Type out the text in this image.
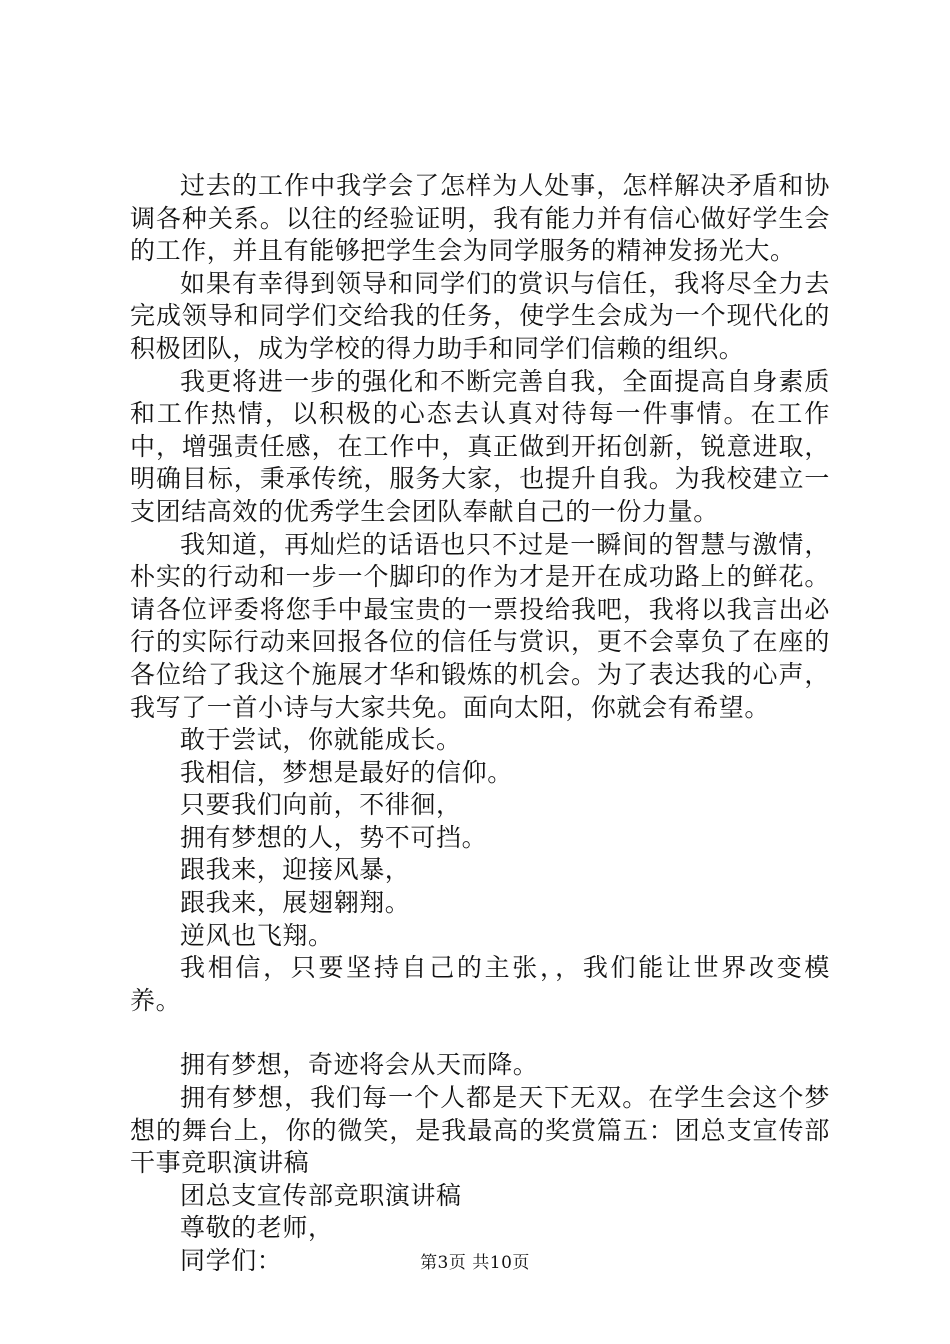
过去的工作中我学会了怎样为人处事，怎样解决矛盾和协调各种关系。以往的经验证明，我有能力并有信心做好学生会的工作，并且有能够把学生会为同学服务的精神发扬光大。

如果有幸得到领导和同学们的赏识与信任，我将尽全力去完成领导和同学们交给我的任务，使学生会成为一个现代化的积极团队，成为学校的得力助手和同学们信赖的组织。

我更将进一步的强化和不断完善自我，全面提高自身素质和工作热情，以积极的心态去认真对待每一件事情。在工作中，增强责任感，在工作中，真正做到开拓创新，锐意进取，明确目标，秉承传统，服务大家，也提升自我。为我校建立一支团结高效的优秀学生会团队奉献自己的一份力量。

我知道，再灿烂的话语也只不过是一瞬间的智慧与激情，朴实的行动和一步一个脚印的作为才是开在成功路上的鲜花。请各位评委将您手中最宝贵的一票投给我吧，我将以我言出必行的实际行动来回报各位的信任与赏识，更不会辜负了在座的各位给了我这个施展才华和锻炼的机会。为了表达我的心声，我写了一首小诗与大家共免。面向太阳，你就会有希望。

敢于尝试，你就能成长。

我相信，梦想是最好的信仰。

只要我们向前，不徘徊，

拥有梦想的人，势不可挡。

跟我来，迎接风暴，

跟我来，展翅翱翔。

逆风也飞翔。

我相信，只要坚持自己的主张，，我们能让世界改变模养。

拥有梦想，奇迹将会从天而降。

拥有梦想，我们每一个人都是天下无双。在学生会这个梦想的舞台上，你的微笑，是我最高的奖赏篇五：团总支宣传部干事竞职演讲稿

团总支宣传部竞职演讲稿

尊敬的老师，

同学们：	第3页 共10页
